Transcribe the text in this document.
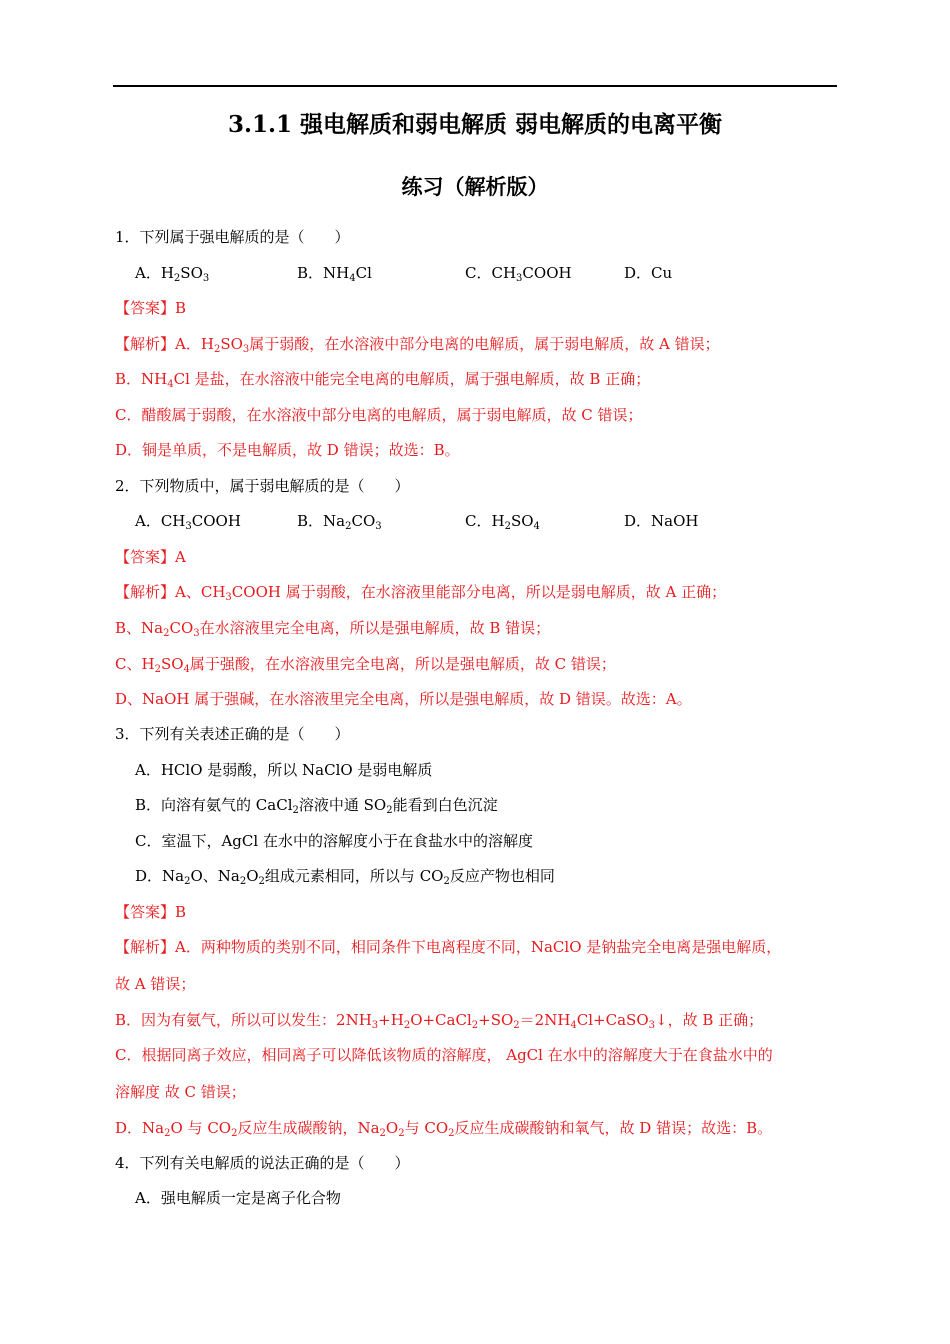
3.1.1 强电解质和弱电解质 弱电解质的电离平衡
练习（解析版）
1．下列属于强电解质的是（　　）
A．$H_2SO_3$	B．$NH_4Cl$	C．$CH_3COOH$	D．Cu
【答案】B
【解析】A．$H_2SO_3$属于弱酸，在水溶液中部分电离的电解质，属于弱电解质，故 A 错误；
B．$NH_4Cl$ 是盐，在水溶液中能完全电离的电解质，属于强电解质，故 B 正确；
C．醋酸属于弱酸，在水溶液中部分电离的电解质，属于弱电解质，故 C 错误；
D．铜是单质，不是电解质，故 D 错误；故选：B。
2．下列物质中，属于弱电解质的是（　　）
A．$CH_3COOH$	B．$Na_2CO_3$	C．$H_2SO_4$	D．NaOH
【答案】A
【解析】A、$CH_3COOH$ 属于弱酸，在水溶液里能部分电离，所以是弱电解质，故 A 正确；
B、$Na_2CO_3$在水溶液里完全电离，所以是强电解质，故 B 错误；
C、$H_2SO_4$属于强酸，在水溶液里完全电离，所以是强电解质，故 C 错误；
D、NaOH 属于强碱，在水溶液里完全电离，所以是强电解质，故 D 错误。故选：A。
3．下列有关表述正确的是（　　）
A．HClO 是弱酸，所以 NaClO 是弱电解质
B．向溶有氨气的 CaCl$_2$溶液中通 $SO_2$能看到白色沉淀
C．室温下，AgCl 在水中的溶解度小于在食盐水中的溶解度
D．$Na_2O$、$Na_2O_2$组成元素相同，所以与 $CO_2$反应产物也相同
【答案】B
【解析】A．两种物质的类别不同，相同条件下电离程度不同，NaClO 是钠盐完全电离是强电解质，
故 A 错误；
B．因为有氨气，所以可以发生：$2NH_3+H_2O+CaCl_2+SO_2=2NH_4Cl+CaSO_3↓$，故 B 正确；
C．根据同离子效应，相同离子可以降低该物质的溶解度， AgCl 在水中的溶解度大于在食盐水中的
溶解度 故 C 错误；
D．$Na_2O$ 与 $CO_2$反应生成碳酸钠，$Na_2O_2$与 $CO_2$反应生成碳酸钠和氧气，故 D 错误；故选：B。
4．下列有关电解质的说法正确的是（　　）
A．强电解质一定是离子化合物
